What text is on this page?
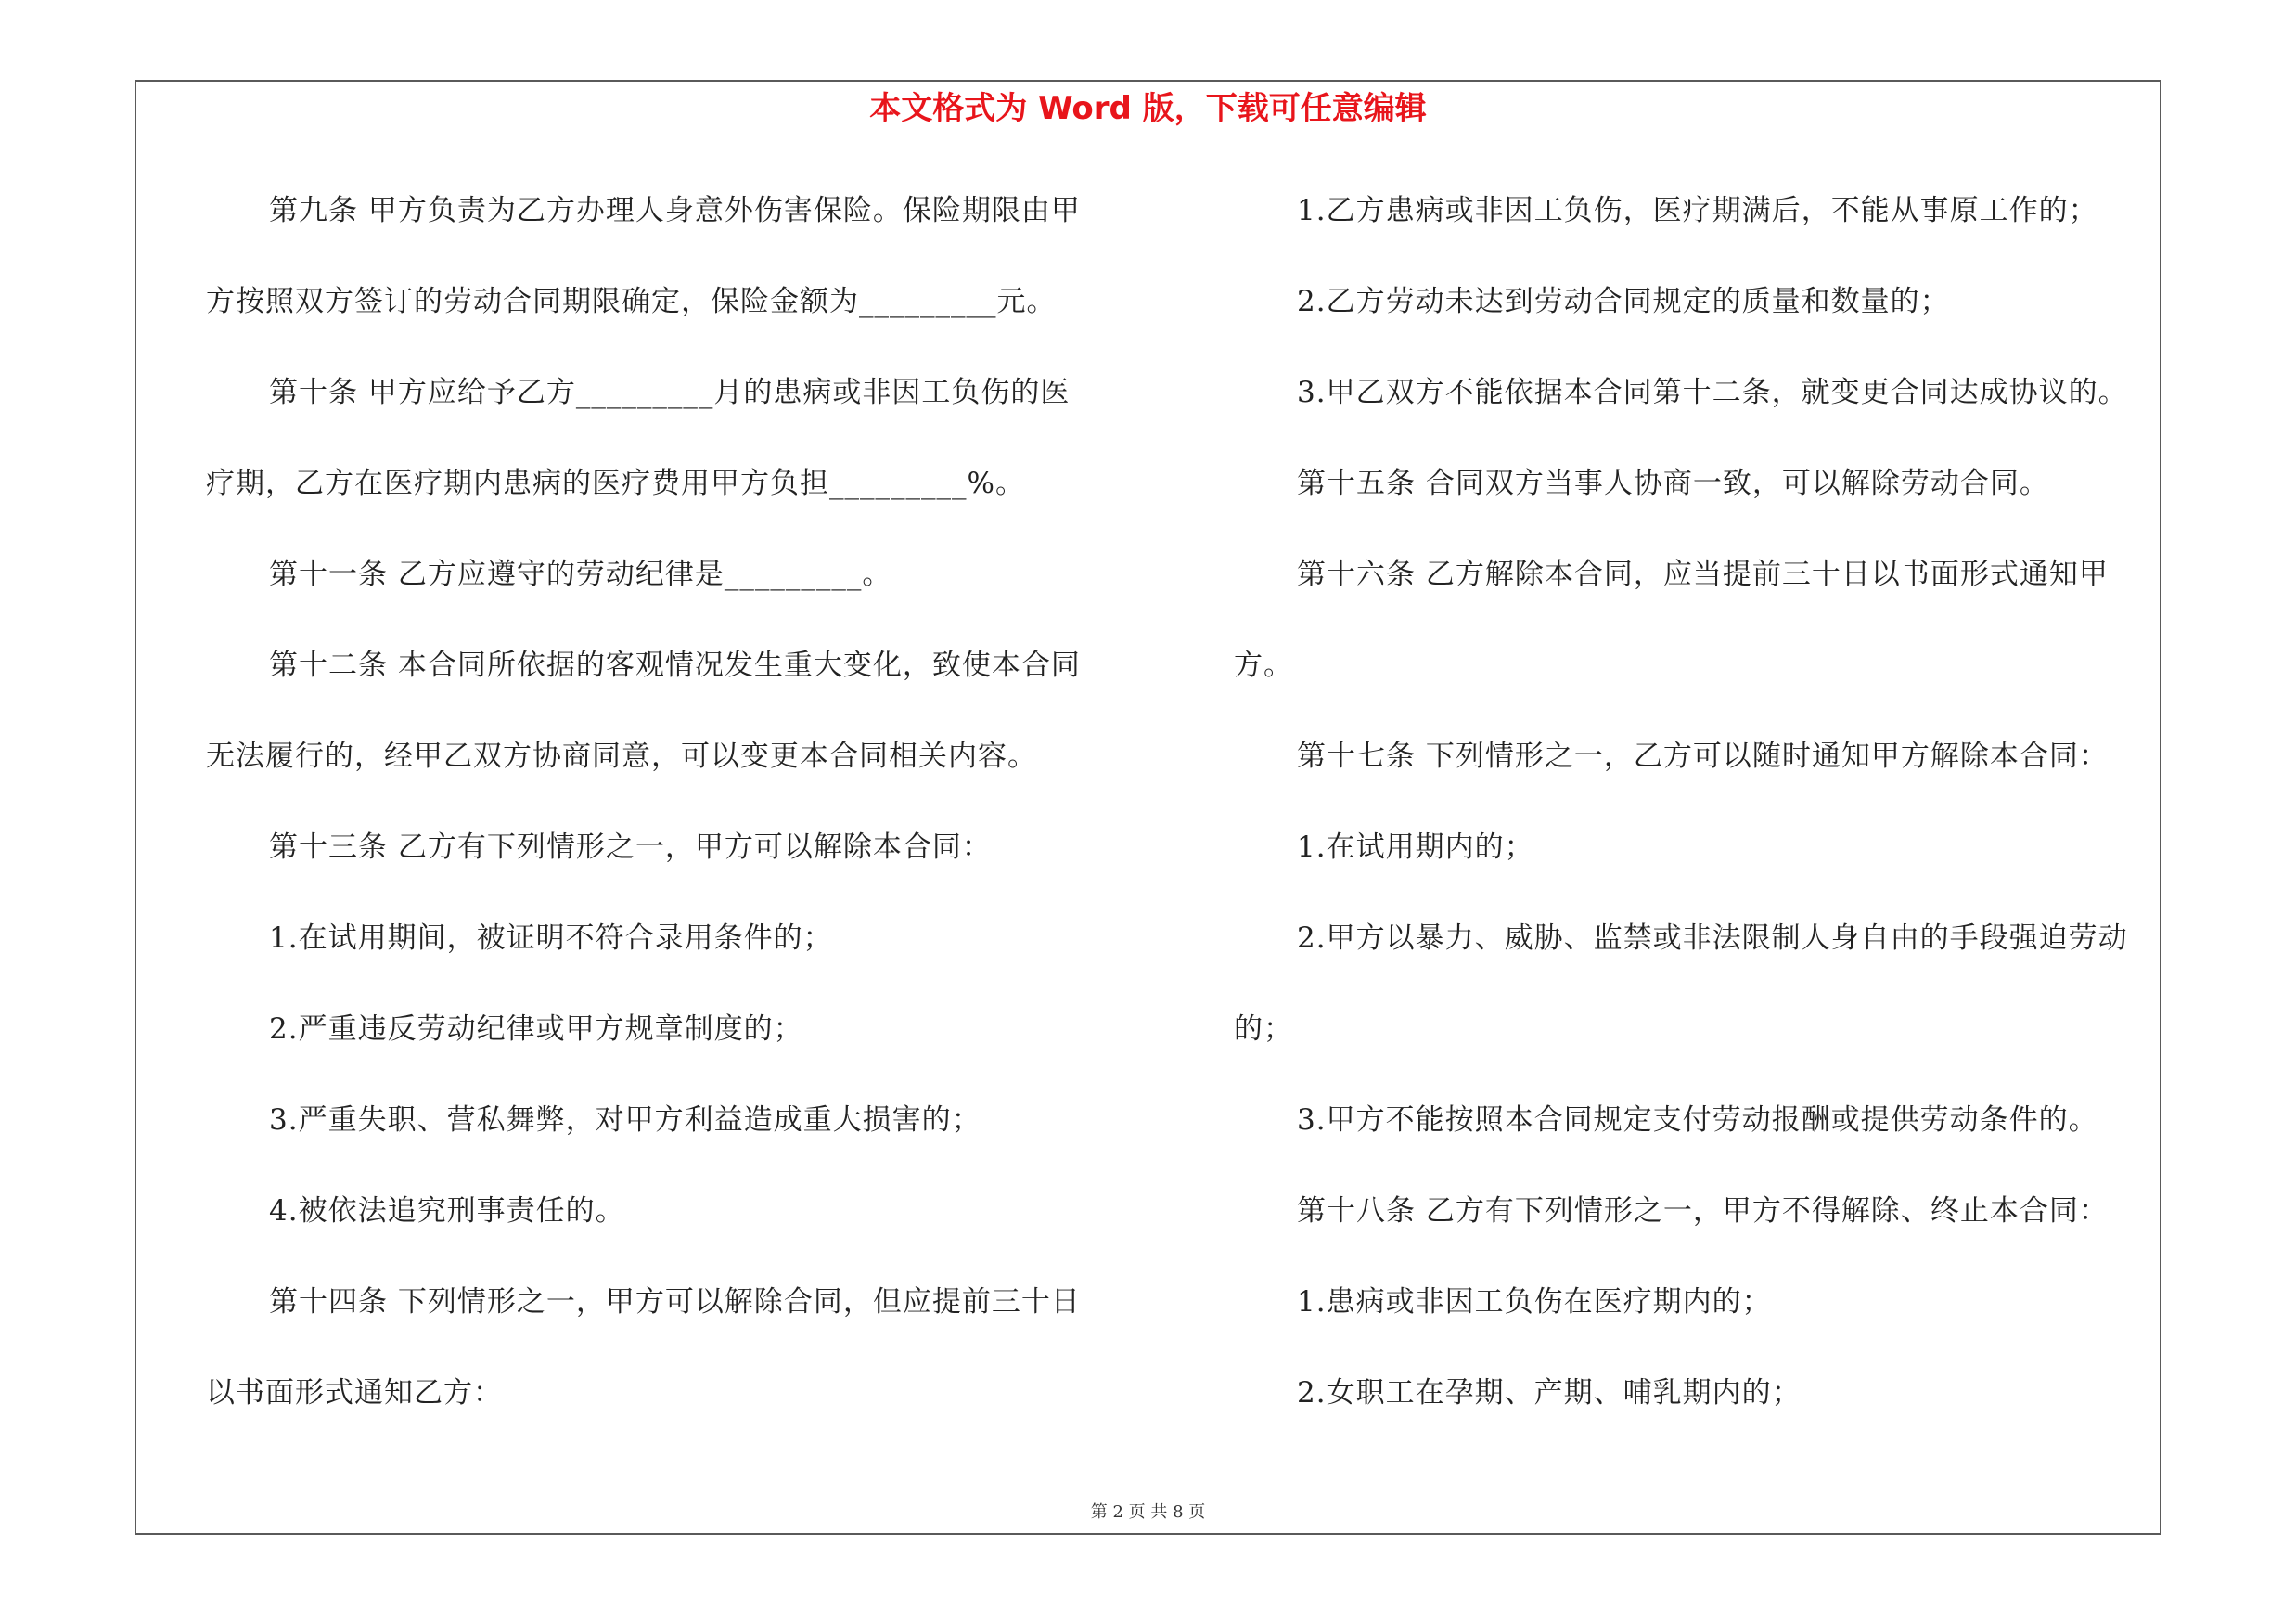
本文格式为 Word 版，下载可任意编辑

第九条 甲方负责为乙方办理人身意外伤害保险。保险期限由甲

方按照双方签订的劳动合同期限确定，保险金额为_________元。

第十条 甲方应给予乙方_________月的患病或非因工负伤的医

疗期，乙方在医疗期内患病的医疗费用甲方负担_________%。

第十一条 乙方应遵守的劳动纪律是_________。

第十二条 本合同所依据的客观情况发生重大变化，致使本合同

无法履行的，经甲乙双方协商同意，可以变更本合同相关内容。

第十三条 乙方有下列情形之一，甲方可以解除本合同：

1.在试用期间，被证明不符合录用条件的；

2.严重违反劳动纪律或甲方规章制度的；

3.严重失职、营私舞弊，对甲方利益造成重大损害的；

4.被依法追究刑事责任的。

第十四条 下列情形之一，甲方可以解除合同，但应提前三十日

以书面形式通知乙方：

1.乙方患病或非因工负伤，医疗期满后，不能从事原工作的；

2.乙方劳动未达到劳动合同规定的质量和数量的；

3.甲乙双方不能依据本合同第十二条，就变更合同达成协议的。

第十五条 合同双方当事人协商一致，可以解除劳动合同。

第十六条 乙方解除本合同，应当提前三十日以书面形式通知甲

方。

第十七条 下列情形之一，乙方可以随时通知甲方解除本合同：

1.在试用期内的；

2.甲方以暴力、威胁、监禁或非法限制人身自由的手段强迫劳动

的；

3.甲方不能按照本合同规定支付劳动报酬或提供劳动条件的。

第十八条 乙方有下列情形之一，甲方不得解除、终止本合同：

1.患病或非因工负伤在医疗期内的；

2.女职工在孕期、产期、哺乳期内的；

第 2 页 共 8 页
